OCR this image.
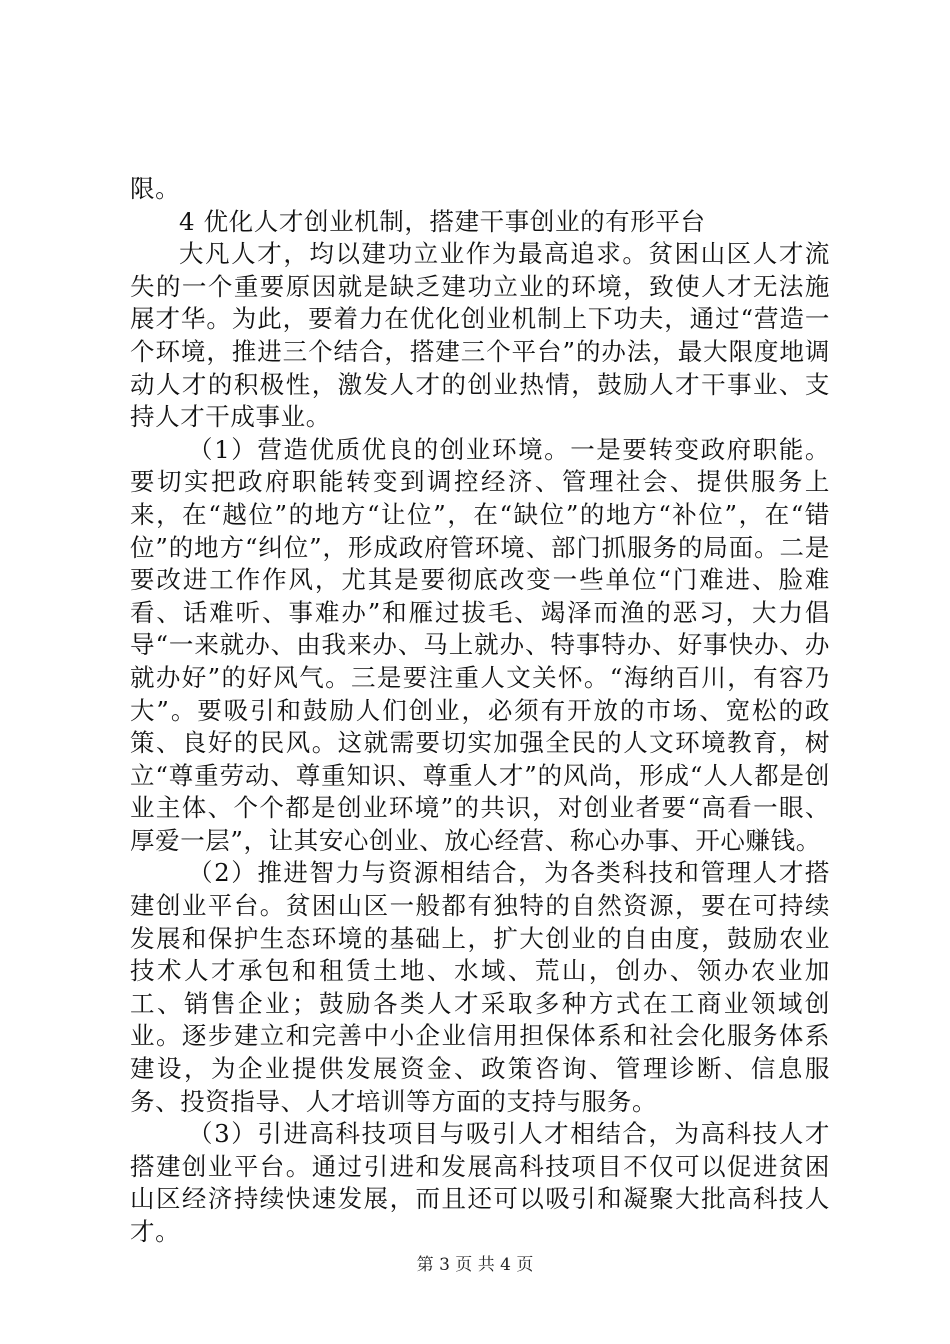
限。

4 优化人才创业机制，搭建干事创业的有形平台

大凡人才，均以建功立业作为最高追求。贫困山区人才流失的一个重要原因就是缺乏建功立业的环境，致使人才无法施展才华。为此，要着力在优化创业机制上下功夫，通过“营造一个环境，推进三个结合，搭建三个平台”的办法，最大限度地调动人才的积极性，激发人才的创业热情，鼓励人才干事业、支持人才干成事业。

（1）营造优质优良的创业环境。一是要转变政府职能。要切实把政府职能转变到调控经济、管理社会、提供服务上来，在“越位”的地方“让位”，在“缺位”的地方“补位”，在“错位”的地方“纠位”，形成政府管环境、部门抓服务的局面。二是要改进工作作风，尤其是要彻底改变一些单位“门难进、脸难看、话难听、事难办”和雁过拔毛、竭泽而渔的恶习，大力倡导“一来就办、由我来办、马上就办、特事特办、好事快办、办就办好”的好风气。三是要注重人文关怀。“海纳百川，有容乃大”。要吸引和鼓励人们创业，必须有开放的市场、宽松的政策、良好的民风。这就需要切实加强全民的人文环境教育，树立“尊重劳动、尊重知识、尊重人才”的风尚，形成“人人都是创业主体、个个都是创业环境”的共识，对创业者要“高看一眼、厚爱一层”，让其安心创业、放心经营、称心办事、开心赚钱。

（2）推进智力与资源相结合，为各类科技和管理人才搭建创业平台。贫困山区一般都有独特的自然资源，要在可持续发展和保护生态环境的基础上，扩大创业的自由度，鼓励农业技术人才承包和租赁土地、水域、荒山，创办、领办农业加工、销售企业；鼓励各类人才采取多种方式在工商业领域创业。逐步建立和完善中小企业信用担保体系和社会化服务体系建设，为企业提供发展资金、政策咨询、管理诊断、信息服务、投资指导、人才培训等方面的支持与服务。

（3）引进高科技项目与吸引人才相结合，为高科技人才搭建创业平台。通过引进和发展高科技项目不仅可以促进贫困山区经济持续快速发展，而且还可以吸引和凝聚大批高科技人才。

第 3 页 共 4 页
